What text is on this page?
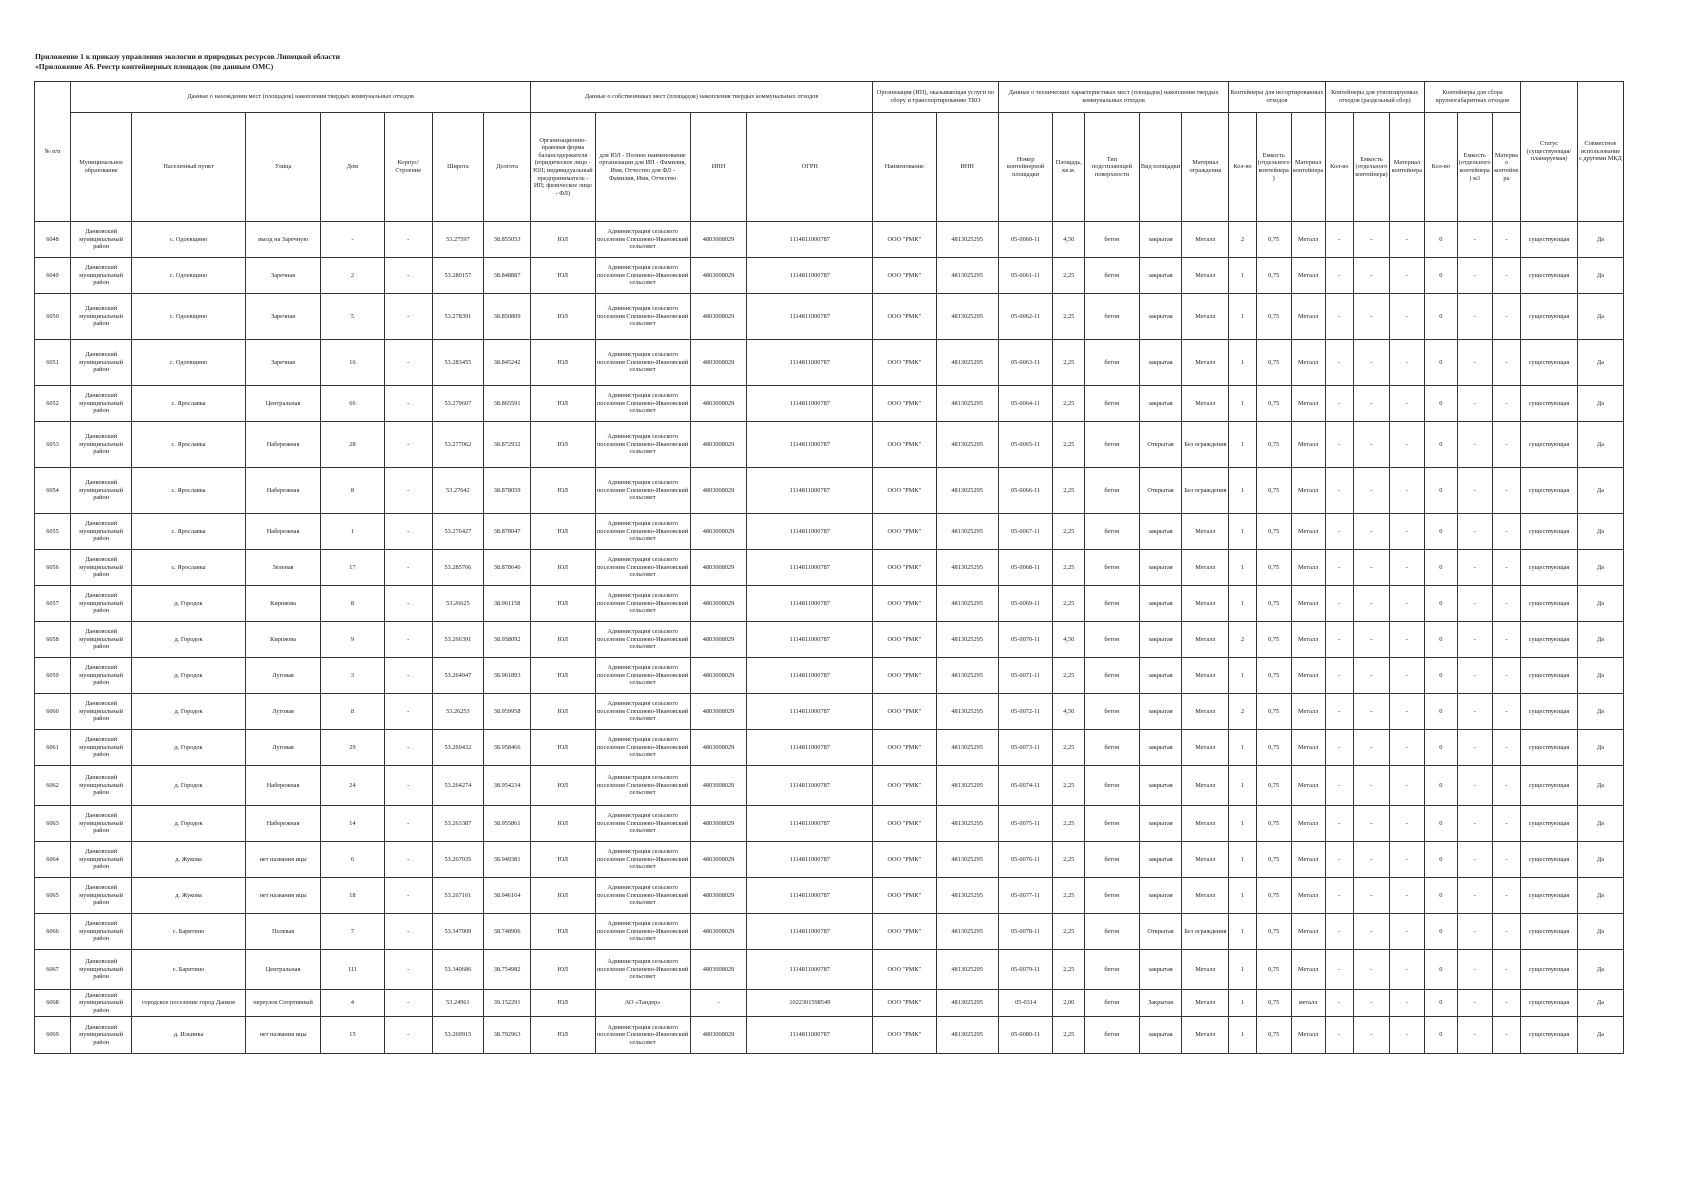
Приложение 1 к приказу управления экологии и природных ресурсов Липецкой области
«Приложение А6. Реестр контейнерных площадок (по данным ОМС)
№ п/п	Данные о нахождении мест (площадок) накопления твердых коммунальных отходов							Данные о собственниках мест (площадок) накопления твердых коммунальных отходов				Организация (ИП), оказывающая услуги по сбору и транспортированию ТКО		Данные о технических характеристиках мест (площадок) накопления твердых коммунальных отходов					Контейнеры для несортированных отходов			Контейнеры для утилизируемых отходов (раздельный сбор)			Контейнеры для сбора крупногабаритных отходов			Статус (существующая/ планируемая)	Совместное использование с другими МКД
	Муниципальное образование	Населенный пункт	Улица	Дом	Корпус/Строение	Широта	Долгота	Организационно-правовая форма балансодержателя (юридическое лицо - ЮЛ; индивидуальный предприниматель - ИП; физическое лицо - ФЛ)	для ЮЛ - Полное наименование организации для ИП - Фамилия, Имя, Отчество для ФЛ - Фамилия, Имя, Отчество	ИНН	ОГРН	Наименование	ИНН	Номер контейнерной площадки	Площадь, кв.м.	Тип подстилающей поверхности	Вид площадки	Материал ограждения	Кол-во	Емкость (отдельного контейнера)	Материал контейнера	Кол-во	Емкость (отдельного контейнера)	Материал контейнера	Кол-во	Емкость (отдельного контейнера) м3	Материал контейнера		
6048	Данковский муниципальный район	с. Одоевщино	въезд на Заречную	-	-	53.27597	38.855053	ЮЛ	Администрация сельского поселения Спешнево-Ивановский сельсовет	4803008029	1114811000787	ООО "РМК"	4813025295	05-0060-11	4,50	бетон	закрытая	Металл	2	0,75	Металл	-	-	-	0	-	-	существующая	Да
6049	Данковский муниципальный район	с. Одоевщино	Заречная	2	-	53.280157	38.848887	ЮЛ	Администрация сельского поселения Спешнево-Ивановский сельсовет	4803008029	1114811000787	ООО "РМК"	4813025295	05-0061-11	2,25	бетон	закрытая	Металл	1	0,75	Металл	-	-	-	0	-	-	существующая	Да
6050	Данковский муниципальный район	с. Одоевщино	Заречная	5	-	53.278391	38.850809	ЮЛ	Администрация сельского поселения Спешнево-Ивановский сельсовет	4803008029	1114811000787	ООО "РМК"	4813025295	05-0062-11	2,25	бетон	закрытая	Металл	1	0,75	Металл	-	-	-	0	-	-	существующая	Да
6051	Данковский муниципальный район	с. Одоевщино	Заречная	16	-	53.283455	38.845242	ЮЛ	Администрация сельского поселения Спешнево-Ивановский сельсовет	4803008029	1114811000787	ООО "РМК"	4813025295	05-0063-11	2,25	бетон	закрытая	Металл	1	0,75	Металл	-	-	-	0	-	-	существующая	Да
6052	Данковский муниципальный район	с. Ярославка	Центральная	66	-	53.279607	38.865591	ЮЛ	Администрация сельского поселения Спешнево-Ивановский сельсовет	4803008029	1114811000787	ООО "РМК"	4813025295	05-0064-11	2,25	бетон	закрытая	Металл	1	0,75	Металл	-	-	-	0	-	-	существующая	Да
6053	Данковский муниципальный район	с. Ярославка	Набережная	28	-	53.277062	38.872932	ЮЛ	Администрация сельского поселения Спешнево-Ивановский сельсовет	4803008029	1114811000787	ООО "РМК"	4813025295	05-0065-11	2,25	бетон	Открытая	Без ограждения	1	0,75	Металл	-	-	-	0	-	-	существующая	Да
6054	Данковский муниципальный район	с. Ярославка	Набережная	8	-	53.27642	38.878059	ЮЛ	Администрация сельского поселения Спешнево-Ивановский сельсовет	4803008029	1114811000787	ООО "РМК"	4813025295	05-0066-11	2,25	бетон	Открытая	Без ограждения	1	0,75	Металл	-	-	-	0	-	-	существующая	Да
6055	Данковский муниципальный район	с. Ярославка	Набережная	1	-	53.276427	38.878047	ЮЛ	Администрация сельского поселения Спешнево-Ивановский сельсовет	4803008029	1114811000787	ООО "РМК"	4813025295	05-0067-11	2,25	бетон	закрытая	Металл	1	0,75	Металл	-	-	-	0	-	-	существующая	Да
6056	Данковский муниципальный район	с. Ярославка	Зеленая	17	-	53.285766	38.878646	ЮЛ	Администрация сельского поселения Спешнево-Ивановский сельсовет	4803008029	1114811000787	ООО "РМК"	4813025295	05-0068-11	2,25	бетон	закрытая	Металл	1	0,75	Металл	-	-	-	0	-	-	существующая	Да
6057	Данковский муниципальный район	д. Городок	Кирпяова	8	-	53.26625	38.961158	ЮЛ	Администрация сельского поселения Спешнево-Ивановский сельсовет	4803008029	1114811000787	ООО "РМК"	4813025295	05-0069-11	2,25	бетон	закрытая	Металл	1	0,75	Металл	-	-	-	0	-	-	существующая	Да
6058	Данковский муниципальный район	д. Городок	Кирпяова	9	-	53.266391	38.958092	ЮЛ	Администрация сельского поселения Спешнево-Ивановский сельсовет	4803008029	1114811000787	ООО "РМК"	4813025295	05-0070-11	4,50	бетон	закрытая	Металл	2	0,75	Металл	-	-	-	0	-	-	существующая	Да
6059	Данковский муниципальный район	д. Городок	Луговая	3	-	53.264947	38.961893	ЮЛ	Администрация сельского поселения Спешнево-Ивановский сельсовет	4803008029	1114811000787	ООО "РМК"	4813025295	05-0071-11	2,25	бетон	закрытая	Металл	1	0,75	Металл	-	-	-	0	-	-	существующая	Да
6060	Данковский муниципальный район	д. Городок	Луговая	8	-	53.26253	38.959958	ЮЛ	Администрация сельского поселения Спешнево-Ивановский сельсовет	4803008029	1114811000787	ООО "РМК"	4813025295	05-0072-11	4,50	бетон	закрытая	Металл	2	0,75	Металл	-	-	-	0	-	-	существующая	Да
6061	Данковский муниципальный район	д. Городок	Луговая	29	-	53.260432	38.958466	ЮЛ	Администрация сельского поселения Спешнево-Ивановский сельсовет	4803008029	1114811000787	ООО "РМК"	4813025295	05-0073-11	2,25	бетон	закрытая	Металл	1	0,75	Металл	-	-	-	0	-	-	существующая	Да
6062	Данковский муниципальный район	д. Городок	Набережная	24	-	53.264274	38.954234	ЮЛ	Администрация сельского поселения Спешнево-Ивановский сельсовет	4803008029	1114811000787	ООО "РМК"	4813025295	05-0074-11	2,25	бетон	закрытая	Металл	1	0,75	Металл	-	-	-	0	-	-	существующая	Да
6063	Данковский муниципальный район	д. Городок	Набережная	14	-	53.263387	38.955861	ЮЛ	Администрация сельского поселения Спешнево-Ивановский сельсовет	4803008029	1114811000787	ООО "РМК"	4813025295	05-0075-11	2,25	бетон	закрытая	Металл	1	0,75	Металл	-	-	-	0	-	-	существующая	Да
6064	Данковский муниципальный район	д. Жукова	нет названия ицы	6	-	53.267035	38.949381	ЮЛ	Администрация сельского поселения Спешнево-Ивановский сельсовет	4803008029	1114811000787	ООО "РМК"	4813025295	05-0076-11	2,25	бетон	закрытая	Металл	1	0,75	Металл	-	-	-	0	-	-	существующая	Да
6065	Данковский муниципальный район	д. Жукова	нет названия ицы	18	-	53.267161	38.946164	ЮЛ	Администрация сельского поселения Спешнево-Ивановский сельсовет	4803008029	1114811000787	ООО "РМК"	4813025295	05-0077-11	2,25	бетон	закрытая	Металл	1	0,75	Металл	-	-	-	0	-	-	существующая	Да
6066	Данковский муниципальный район	с. Баритино	Полевая	7	-	53.347909	38.748906	ЮЛ	Администрация сельского поселения Спешнево-Ивановский сельсовет	4803008029	1114811000787	ООО "РМК"	4813025295	05-0078-11	2,25	бетон	Открытая	Без ограждения	1	0,75	Металл	-	-	-	0	-	-	существующая	Да
6067	Данковский муниципальный район	с. Баритино	Центральная	111	-	53.340686	38.754982	ЮЛ	Администрация сельского поселения Спешнево-Ивановский сельсовет	4803008029	1114811000787	ООО "РМК"	4813025295	05-0079-11	2,25	бетон	закрытая	Металл	1	0,75	Металл	-	-	-	0	-	-	существующая	Да
6068	Данковский муниципальный район	городское поселение город Данков	переулок Спортивный	4	-	53.24961	39.152291	ЮЛ	АО «Тандер»	-	1022301598549	ООО "РМК"	4813025295	05-0314	2,00	бетон	Закрытая	Металл	1	0,75	металл	-	-	-	0	-	-	существующая	Да
6069	Данковский муниципальный район	д. Ильинка	нет названия ицы	15	-	53.269915	38.792963	ЮЛ	Администрация сельского поселения Спешнево-Ивановский сельсовет	4803008029	1114811000787	ООО "РМК"	4813025295	05-0080-11	2,25	бетон	закрытая	Металл	1	0,75	Металл	-	-	-	0	-	-	существующая	Да
